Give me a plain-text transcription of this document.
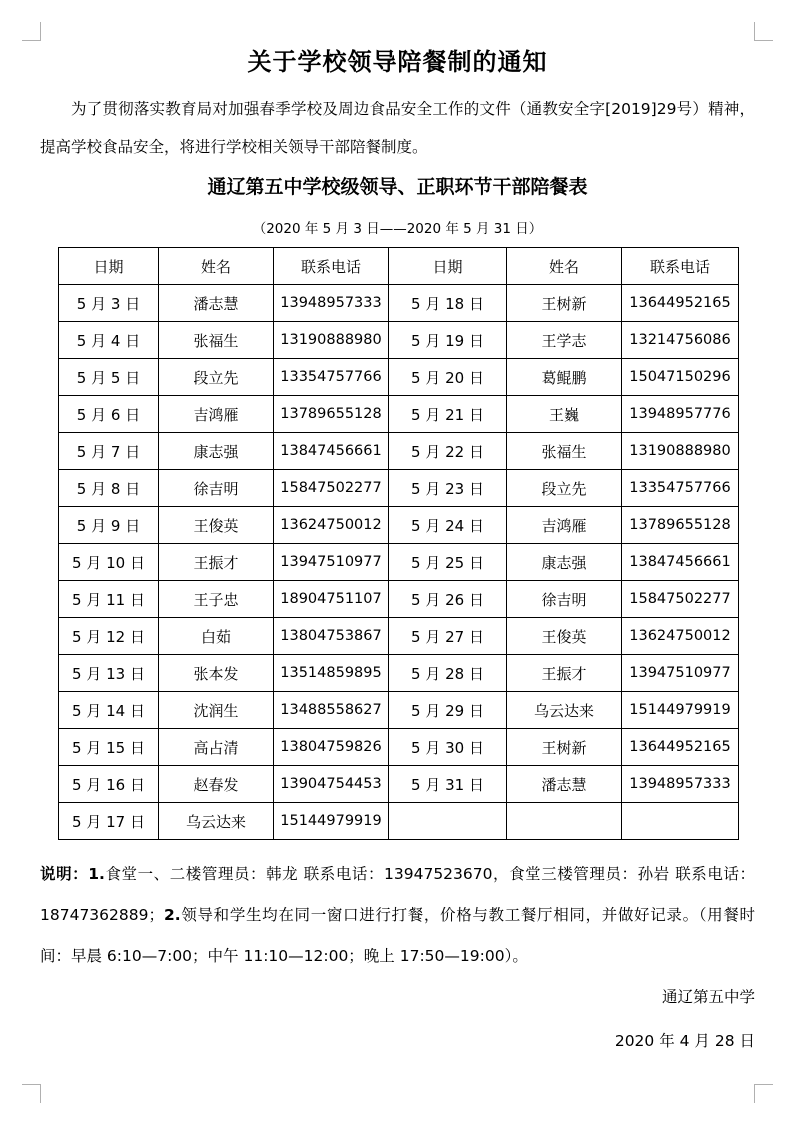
关于学校领导陪餐制的通知
为了贯彻落实教育局对加强春季学校及周边食品安全工作的文件（通教安全字[2019]29号）精神，提高学校食品安全，将进行学校相关领导干部陪餐制度。
通辽第五中学校级领导、正职环节干部陪餐表
（2020 年 5 月 3 日——2020 年 5 月 31 日）
日期	姓名	联系电话	日期	姓名	联系电话
5 月 3 日	潘志慧	13948957333	5 月 18 日	王树新	13644952165
5 月 4 日	张福生	13190888980	5 月 19 日	王学志	13214756086
5 月 5 日	段立先	13354757766	5 月 20 日	葛鲲鹏	15047150296
5 月 6 日	吉鸿雁	13789655128	5 月 21 日	王巍	13948957776
5 月 7 日	康志强	13847456661	5 月 22 日	张福生	13190888980
5 月 8 日	徐吉明	15847502277	5 月 23 日	段立先	13354757766
5 月 9 日	王俊英	13624750012	5 月 24 日	吉鸿雁	13789655128
5 月 10 日	王振才	13947510977	5 月 25 日	康志强	13847456661
5 月 11 日	王子忠	18904751107	5 月 26 日	徐吉明	15847502277
5 月 12 日	白茹	13804753867	5 月 27 日	王俊英	13624750012
5 月 13 日	张本发	13514859895	5 月 28 日	王振才	13947510977
5 月 14 日	沈润生	13488558627	5 月 29 日	乌云达来	15144979919
5 月 15 日	高占清	13804759826	5 月 30 日	王树新	13644952165
5 月 16 日	赵春发	13904754453	5 月 31 日	潘志慧	13948957333
5 月 17 日	乌云达来	15144979919			
说明：1.食堂一、二楼管理员：韩龙 联系电话：13947523670，食堂三楼管理员：孙岩 联系电话：18747362889；2.领导和学生均在同一窗口进行打餐，价格与教工餐厅相同，并做好记录。（用餐时间：早晨 6:10—7:00；中午 11:10—12:00；晚上 17:50—19:00）。
通辽第五中学
2020 年 4 月 28 日
